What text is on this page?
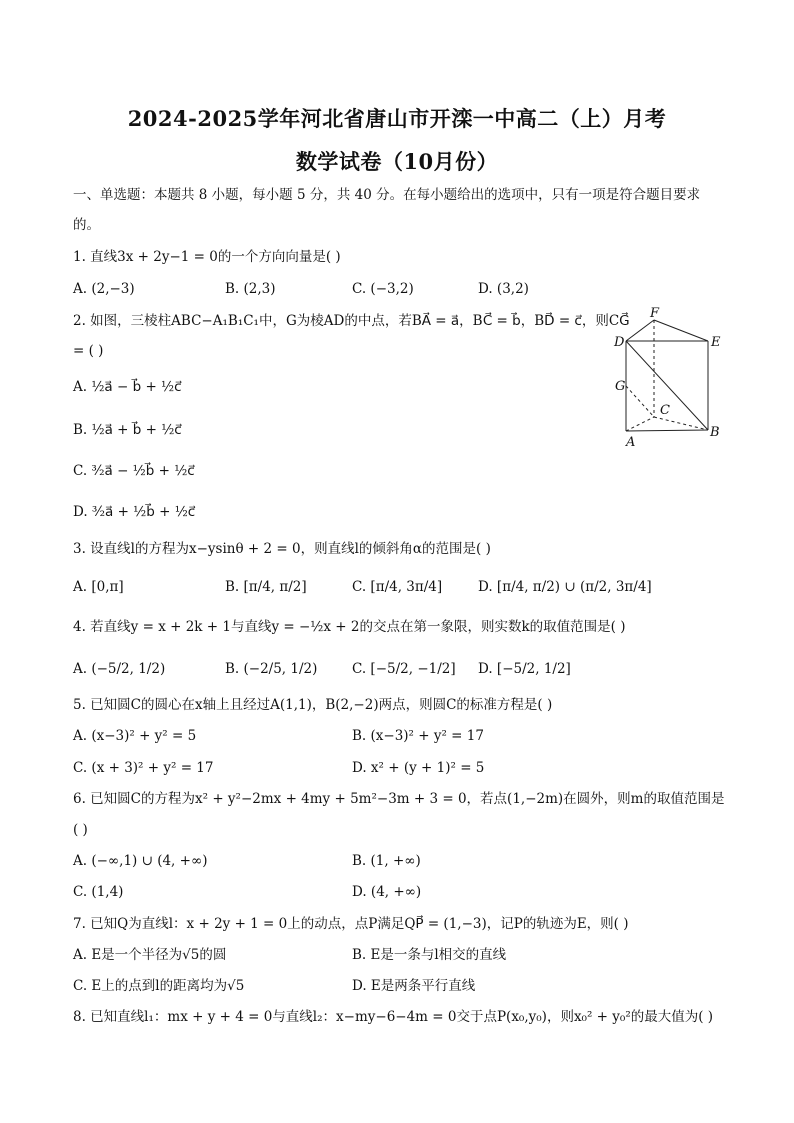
2024-2025学年河北省唐山市开滦一中高二（上）月考
数学试卷（10月份）
一、单选题：本题共 8 小题，每小题 5 分，共 40 分。在每小题给出的选项中，只有一项是符合题目要求
的。
1. 直线3x + 2y−1 = 0的一个方向向量是( )
A. (2,−3)	B. (2,3)	C. (−3,2)	D. (3,2)
2. 如图，三棱柱ABC−A₁B₁C₁中，G为棱AD的中点，若BA⃗ = a⃗，BC⃗ = b⃗，BD⃗ = c⃗，则CG⃗
= ( )
A. ½a⃗ − b⃗ + ½c⃗
B. ½a⃗ + b⃗ + ½c⃗
C. ³⁄₂a⃗ − ½b⃗ + ½c⃗
D. ³⁄₂a⃗ + ½b⃗ + ½c⃗
F
D	E
G
C
A
B
3. 设直线l的方程为x−ysinθ + 2 = 0，则直线l的倾斜角α的范围是( )
A. [0,π]	B. [π/4, π/2]	C. [π/4, 3π/4]	D. [π/4, π/2) ∪ (π/2, 3π/4]
4. 若直线y = x + 2k + 1与直线y = −½x + 2的交点在第一象限，则实数k的取值范围是( )
A. (−5/2, 1/2)	B. (−2/5, 1/2)	C. [−5/2, −1/2] D. [−5/2, 1/2]
5. 已知圆C的圆心在x轴上且经过A(1,1)，B(2,−2)两点，则圆C的标准方程是( )
A. (x−3)² + y² = 5	B. (x−3)² + y² = 17
C. (x + 3)² + y² = 17	D. x² + (y + 1)² = 5
6. 已知圆C的方程为x² + y²−2mx + 4my + 5m²−3m + 3 = 0，若点(1,−2m)在圆外，则m的取值范围是
( )
A. (−∞,1) ∪ (4, +∞)	B. (1, +∞)
C. (1,4)	D. (4, +∞)
7. 已知Q为直线l：x + 2y + 1 = 0上的动点，点P满足QP⃗ = (1,−3)，记P的轨迹为E，则( )
A. E是一个半径为√5的圆	B. E是一条与l相交的直线
C. E上的点到l的距离均为√5	D. E是两条平行直线
8. 已知直线l₁：mx + y + 4 = 0与直线l₂：x−my−6−4m = 0交于点P(x₀,y₀)，则x₀² + y₀²的最大值为( )
